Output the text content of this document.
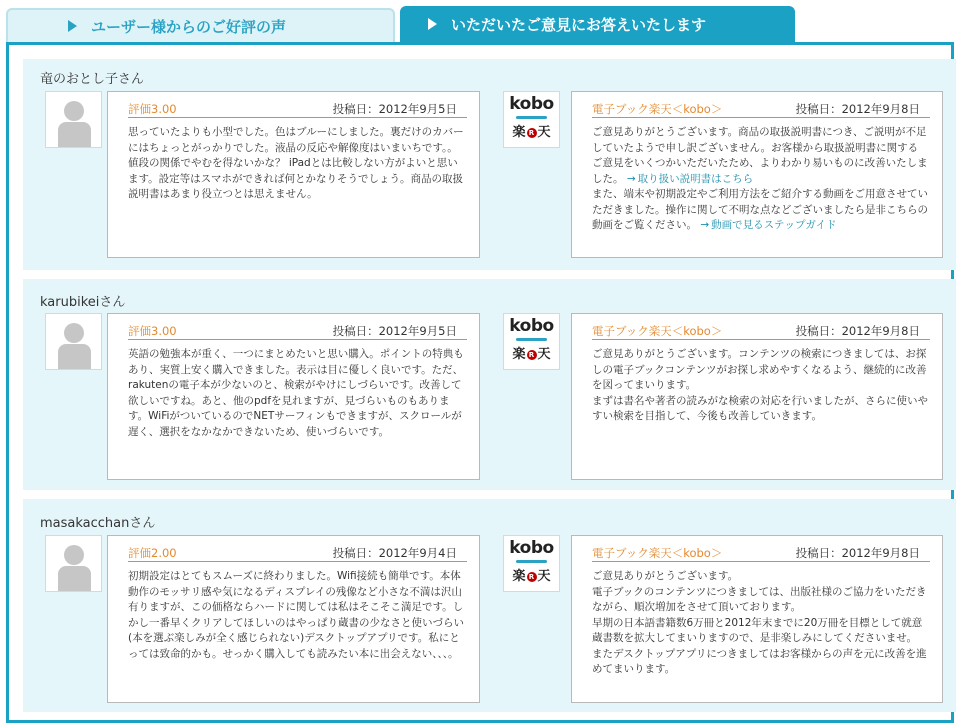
ユーザー様からのご好評の声	いただいたご意見にお答えいたします
竜のおとし子さん
評価3.00	投稿日：2012年9月5日
思っていたよりも小型でした。色はブルーにしました。裏だけのカバーにはちょっとがっかりでした。液晶の反応や解像度はいまいちです。。値段の関係でやむを得ないかな？ iPadとは比較しない方がよいと思います。設定等はスマホができれば何とかなりそうでしょう。商品の取扱説明書はあまり役立つとは思えません。
kobo
楽 R 天
電子ブック楽天＜kobo＞	投稿日：2012年9月8日
ご意見ありがとうございます。商品の取扱説明書につき、ご説明が不足していたようで申し訳ございません。お客様から取扱説明書に関するご意見をいくつかいただいたため、よりわかり易いものに改善いたしました。 → 取り扱い説明書はこちら
また、端末や初期設定やご利用方法をご紹介する動画をご用意させていただきました。操作に関して不明な点などございましたら是非こちらの動画をご覧ください。 → 動画で見るステップガイド
karubikeiさん
評価3.00	投稿日：2012年9月5日
英語の勉強本が重く、一つにまとめたいと思い購入。ポイントの特典もあり、実質上安く購入できました。表示は目に優しく良いです。ただ、rakutenの電子本が少ないのと、検索がやけにしづらいです。改善して欲しいですね。あと、他のpdfを見れますが、見づらいものもあります。WiFiがついているのでNETサーフィンもできますが、スクロールが遅く、選択をなかなかできないため、使いづらいです。
kobo
楽 R 天
電子ブック楽天＜kobo＞	投稿日：2012年9月8日
ご意見ありがとうございます。コンテンツの検索につきましては、お探しの電子ブックコンテンツがお探し求めやすくなるよう、継続的に改善を図ってまいります。
まずは書名や著者の読みがな検索の対応を行いましたが、さらに使いやすい検索を目指して、今後も改善していきます。
masakacchanさん
評価2.00	投稿日：2012年9月4日
初期設定はとてもスムーズに終わりました。Wifi接続も簡単です。本体動作のモッサリ感や気になるディスプレイの残像など小さな不満は沢山有りますが、この価格ならハードに関しては私はそこそこ満足です。しかし一番早くクリアしてほしいのはやっぱり蔵書の少なさと使いづらい(本を選ぶ楽しみが全く感じられない)デスクトップアプリです。私にとっては致命的かも。せっかく購入しても読みたい本に出会えない、、、。
kobo
楽 R 天
電子ブック楽天＜kobo＞	投稿日：2012年9月8日
ご意見ありがとうございます。
電子ブックのコンテンツにつきましては、出版社様のご協力をいただきながら、順次増加をさせて頂いております。
早期の日本語書籍数6万冊と2012年末までに20万冊を目標として就意蔵書数を拡大してまいりますので、是非楽しみにしてくださいませ。
またデスクトップアプリにつきましてはお客様からの声を元に改善を進めてまいります。
